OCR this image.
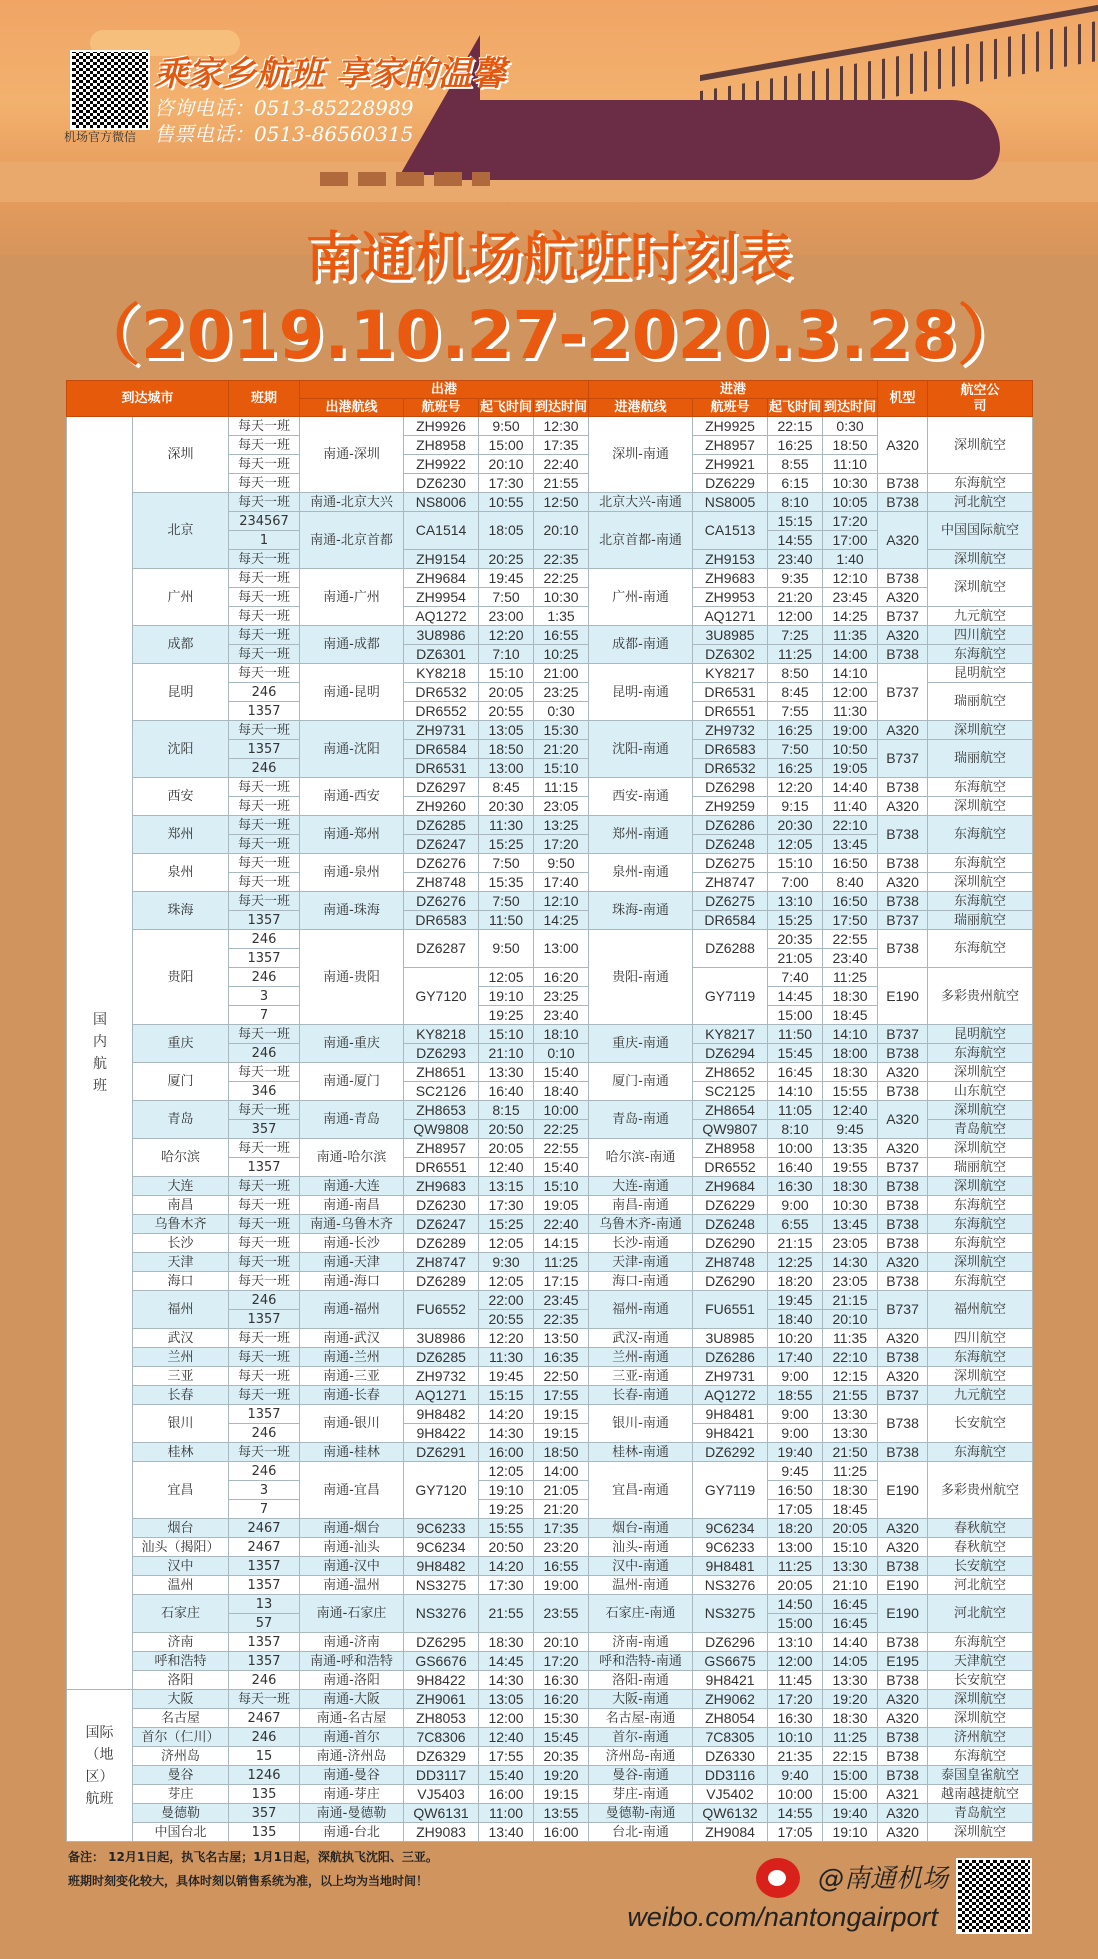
机场官方微信
乘家乡航班 享家的温馨
咨询电话：0513-85228989
售票电话：0513-86560315
南通机场航班时刻表
（2019.10.27-2020.3.28）
到达城市		班期	出港				进港				机型	航空公司
			出港航线	航班号	起飞时间	到达时间	进港航线	航班号	起飞时间	到达时间		
国内航班	深圳	每天一班	南通-深圳	ZH9926	9:50	12:30	深圳-南通	ZH9925	22:15	0:30	A320	深圳航空
		每天一班		ZH8958	15:00	17:35		ZH8957	16:25	18:50		
		每天一班		ZH9922	20:10	22:40		ZH9921	8:55	11:10		
		每天一班		DZ6230	17:30	21:55		DZ6229	6:15	10:30	B738	东海航空
	北京	每天一班	南通-北京大兴	NS8006	10:55	12:50	北京大兴-南通	NS8005	8:10	10:05	B738	河北航空
		234567	南通-北京首都	CA1514	18:05	20:10	北京首都-南通	CA1513	15:15	17:20	A320	中国国际航空
		1							14:55	17:00		
		每天一班		ZH9154	20:25	22:35		ZH9153	23:40	1:40		深圳航空
	广州	每天一班	南通-广州	ZH9684	19:45	22:25	广州-南通	ZH9683	9:35	12:10	B738	深圳航空
		每天一班		ZH9954	7:50	10:30		ZH9953	21:20	23:45	A320	
		每天一班		AQ1272	23:00	1:35		AQ1271	12:00	14:25	B737	九元航空
	成都	每天一班	南通-成都	3U8986	12:20	16:55	成都-南通	3U8985	7:25	11:35	A320	四川航空
		每天一班		DZ6301	7:10	10:25		DZ6302	11:25	14:00	B738	东海航空
	昆明	每天一班	南通-昆明	KY8218	15:10	21:00	昆明-南通	KY8217	8:50	14:10	B737	昆明航空
		246		DR6532	20:05	23:25		DR6531	8:45	12:00		瑞丽航空
		1357		DR6552	20:55	0:30		DR6551	7:55	11:30		
	沈阳	每天一班	南通-沈阳	ZH9731	13:05	15:30	沈阳-南通	ZH9732	16:25	19:00	A320	深圳航空
		1357		DR6584	18:50	21:20		DR6583	7:50	10:50	B737	瑞丽航空
		246		DR6531	13:00	15:10		DR6532	16:25	19:05		
	西安	每天一班	南通-西安	DZ6297	8:45	11:15	西安-南通	DZ6298	12:20	14:40	B738	东海航空
		每天一班		ZH9260	20:30	23:05		ZH9259	9:15	11:40	A320	深圳航空
	郑州	每天一班	南通-郑州	DZ6285	11:30	13:25	郑州-南通	DZ6286	20:30	22:10	B738	东海航空
		每天一班		DZ6247	15:25	17:20		DZ6248	12:05	13:45		
	泉州	每天一班	南通-泉州	DZ6276	7:50	9:50	泉州-南通	DZ6275	15:10	16:50	B738	东海航空
		每天一班		ZH8748	15:35	17:40		ZH8747	7:00	8:40	A320	深圳航空
	珠海	每天一班	南通-珠海	DZ6276	7:50	12:10	珠海-南通	DZ6275	13:10	16:50	B738	东海航空
		1357		DR6583	11:50	14:25		DR6584	15:25	17:50	B737	瑞丽航空
	贵阳	246	南通-贵阳	DZ6287	9:50	13:00	贵阳-南通	DZ6288	20:35	22:55	B738	东海航空
		1357							21:05	23:40		
		246		GY7120	12:05	16:20		GY7119	7:40	11:25	E190	多彩贵州航空
		3			19:10	23:25			14:45	18:30		
		7			19:25	23:40			15:00	18:45		
	重庆	每天一班	南通-重庆	KY8218	15:10	18:10	重庆-南通	KY8217	11:50	14:10	B737	昆明航空
		246		DZ6293	21:10	0:10		DZ6294	15:45	18:00	B738	东海航空
	厦门	每天一班	南通-厦门	ZH8651	13:30	15:40	厦门-南通	ZH8652	16:45	18:30	A320	深圳航空
		346		SC2126	16:40	18:40		SC2125	14:10	15:55	B738	山东航空
	青岛	每天一班	南通-青岛	ZH8653	8:15	10:00	青岛-南通	ZH8654	11:05	12:40	A320	深圳航空
		357		QW9808	20:50	22:25		QW9807	8:10	9:45		青岛航空
	哈尔滨	每天一班	南通-哈尔滨	ZH8957	20:05	22:55	哈尔滨-南通	ZH8958	10:00	13:35	A320	深圳航空
		1357		DR6551	12:40	15:40		DR6552	16:40	19:55	B737	瑞丽航空
	大连	每天一班	南通-大连	ZH9683	13:15	15:10	大连-南通	ZH9684	16:30	18:30	B738	深圳航空
	南昌	每天一班	南通-南昌	DZ6230	17:30	19:05	南昌-南通	DZ6229	9:00	10:30	B738	东海航空
	乌鲁木齐	每天一班	南通-乌鲁木齐	DZ6247	15:25	22:40	乌鲁木齐-南通	DZ6248	6:55	13:45	B738	东海航空
	长沙	每天一班	南通-长沙	DZ6289	12:05	14:15	长沙-南通	DZ6290	21:15	23:05	B738	东海航空
	天津	每天一班	南通-天津	ZH8747	9:30	11:25	天津-南通	ZH8748	12:25	14:30	A320	深圳航空
	海口	每天一班	南通-海口	DZ6289	12:05	17:15	海口-南通	DZ6290	18:20	23:05	B738	东海航空
	福州	246	南通-福州	FU6552	22:00	23:45	福州-南通	FU6551	19:45	21:15	B737	福州航空
		1357			20:55	22:35			18:40	20:10		
	武汉	每天一班	南通-武汉	3U8986	12:20	13:50	武汉-南通	3U8985	10:20	11:35	A320	四川航空
	兰州	每天一班	南通-兰州	DZ6285	11:30	16:35	兰州-南通	DZ6286	17:40	22:10	B738	东海航空
	三亚	每天一班	南通-三亚	ZH9732	19:45	22:50	三亚-南通	ZH9731	9:00	12:15	A320	深圳航空
	长春	每天一班	南通-长春	AQ1271	15:15	17:55	长春-南通	AQ1272	18:55	21:55	B737	九元航空
	银川	1357	南通-银川	9H8482	14:20	19:15	银川-南通	9H8481	9:00	13:30	B738	长安航空
		246		9H8422	14:30	19:15		9H8421	9:00	13:30		
	桂林	每天一班	南通-桂林	DZ6291	16:00	18:50	桂林-南通	DZ6292	19:40	21:50	B738	东海航空
	宜昌	246	南通-宜昌	GY7120	12:05	14:00	宜昌-南通	GY7119	9:45	11:25	E190	多彩贵州航空
		3			19:10	21:05			16:50	18:30		
		7			19:25	21:20			17:05	18:45		
	烟台	2467	南通-烟台	9C6233	15:55	17:35	烟台-南通	9C6234	18:20	20:05	A320	春秋航空
	汕头（揭阳）	2467	南通-汕头	9C6234	20:50	23:20	汕头-南通	9C6233	13:00	15:10	A320	春秋航空
	汉中	1357	南通-汉中	9H8482	14:20	16:55	汉中-南通	9H8481	11:25	13:30	B738	长安航空
	温州	1357	南通-温州	NS3275	17:30	19:00	温州-南通	NS3276	20:05	21:10	E190	河北航空
	石家庄	13	南通-石家庄	NS3276	21:55	23:55	石家庄-南通	NS3275	14:50	16:45	E190	河北航空
		57							15:00	16:45		
	济南	1357	南通-济南	DZ6295	18:30	20:10	济南-南通	DZ6296	13:10	14:40	B738	东海航空
	呼和浩特	1357	南通-呼和浩特	GS6676	14:45	17:20	呼和浩特-南通	GS6675	12:00	14:05	E195	天津航空
	洛阳	246	南通-洛阳	9H8422	14:30	16:30	洛阳-南通	9H8421	11:45	13:30	B738	长安航空
国际（地区）航班	大阪	每天一班	南通-大阪	ZH9061	13:05	16:20	大阪-南通	ZH9062	17:20	19:20	A320	深圳航空
	名古屋	2467	南通-名古屋	ZH8053	12:00	15:30	名古屋-南通	ZH8054	16:30	18:30	A320	深圳航空
	首尔（仁川）	246	南通-首尔	7C8306	12:40	15:45	首尔-南通	7C8305	10:10	11:25	B738	济州航空
	济州岛	15	南通-济州岛	DZ6329	17:55	20:35	济州岛-南通	DZ6330	21:35	22:15	B738	东海航空
	曼谷	1246	南通-曼谷	DD3117	15:40	19:20	曼谷-南通	DD3116	9:40	15:00	B738	泰国皇雀航空
	芽庄	135	南通-芽庄	VJ5403	16:00	19:15	芽庄-南通	VJ5402	10:00	15:00	A321	越南越捷航空
	曼德勒	357	南通-曼德勒	QW6131	11:00	13:55	曼德勒-南通	QW6132	14:55	19:40	A320	青岛航空
	中国台北	135	南通-台北	ZH9083	13:40	16:00	台北-南通	ZH9084	17:05	19:10	A320	深圳航空
备注： 12月1日起，执飞名古屋；1月1日起，深航执飞沈阳、三亚。
班期时刻变化较大，具体时刻以销售系统为准，以上均为当地时间！	@南通机场
weibo.com/nantongairport
